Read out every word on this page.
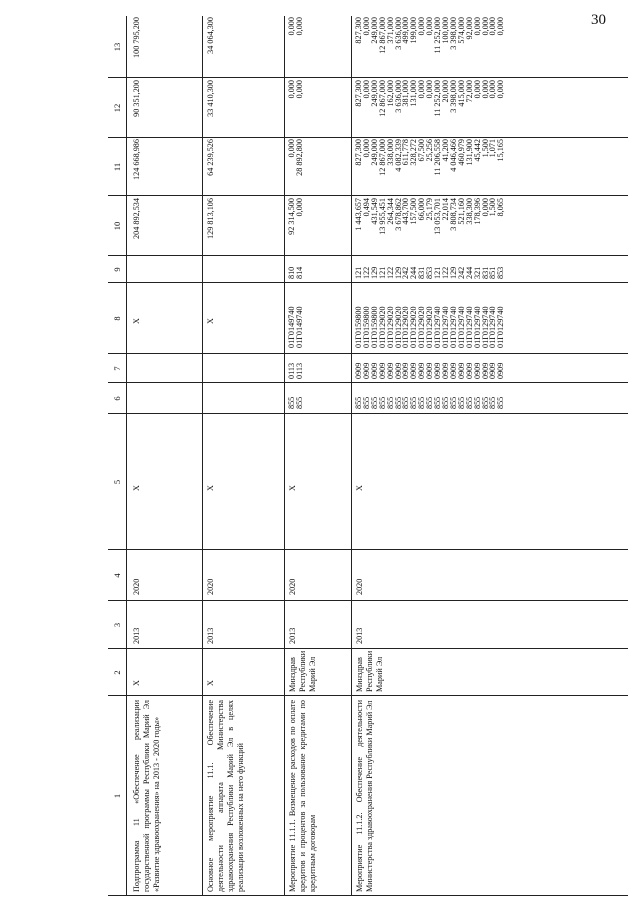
30
1
2
3
4
5
6
7
8
9
10
11
12
13
Подпрограмма 11 «Обеспечение реализации государственной программы Республики Марий Эл «Развитие здравоохранения» на 2013 - 2020 годы»
X
2013
2020
X
X
204 892,534
124 668,986
90 351,200
100 795,200
Основное мероприятие 11.1. Обеспечение деятельности аппарата Министерства здравоохранения Республики Марий Эл в целях реализации возложенных на него функций
X
2013
2020
X
X
129 813,106
64 239,526
33 410,300
34 064,300
Мероприятие 11.1.1. Возмещение расходов по оплате кредитов и процентов за пользование кредитами по кредитным договорам
Минздрав Республики Марий Эл
2013
2020
X
855
855
0113
0113
01Г0149740
01Г0149740
810
814
92 314,500
0,000
0,000
28 892,800
0,000
0,000
0,000
0,000
Мероприятие 11.1.2. Обеспечение деятельности Министерства здравоохранения Республики Марий Эл
Минздрав Республики Марий Эл
2013
2020
X
855
855
855
855
855
855
855
855
855
855
855
855
855
855
855
855
855
855
855
0909
0909
0909
0909
0909
0909
0909
0909
0909
0909
0909
0909
0909
0909
0909
0909
0909
0909
0909
01Г0159800
01Г0159800
01Г0159800
01Г0129020
01Г0129020
01Г0129020
01Г0129020
01Г0129020
01Г0129020
01Г0129020
01Г0129740
01Г0129740
01Г0129740
01Г0129740
01Г0129740
01Г0129740
01Г0129740
01Г0129740
01Г0129740
121
122
129
121
122
129
242
244
831
853
121
122
129
242
244
321
831
851
853
1 443,657
0,494
431,549
13 955,451
264,344
3 678,862
443,700
157,500
66,000
25,179
13 053,701
22,014
3 808,734
521,160
338,300
178,396
0,000
1,500
8,065
827,300
0,000
249,000
12 867,000
338,000
4 082,339
611,778
328,272
67,500
25,256
11 206,558
41,200
4 046,466
460,979
131,900
45,442
1,500
1,071
15,165
827,300
0,000
249,000
12 867,000
162,000
3 636,000
381,000
131,000
0,000
0,000
11 252,000
20,000
3 398,000
415,000
72,000
0,000
0,000
0,000
0,000
827,300
0,000
249,000
12 867,000
371,000
3 636,000
499,000
199,000
0,000
0,000
11 252,000
100,000
3 398,000
574,000
92,000
0,000
0,000
0,000
0,000
